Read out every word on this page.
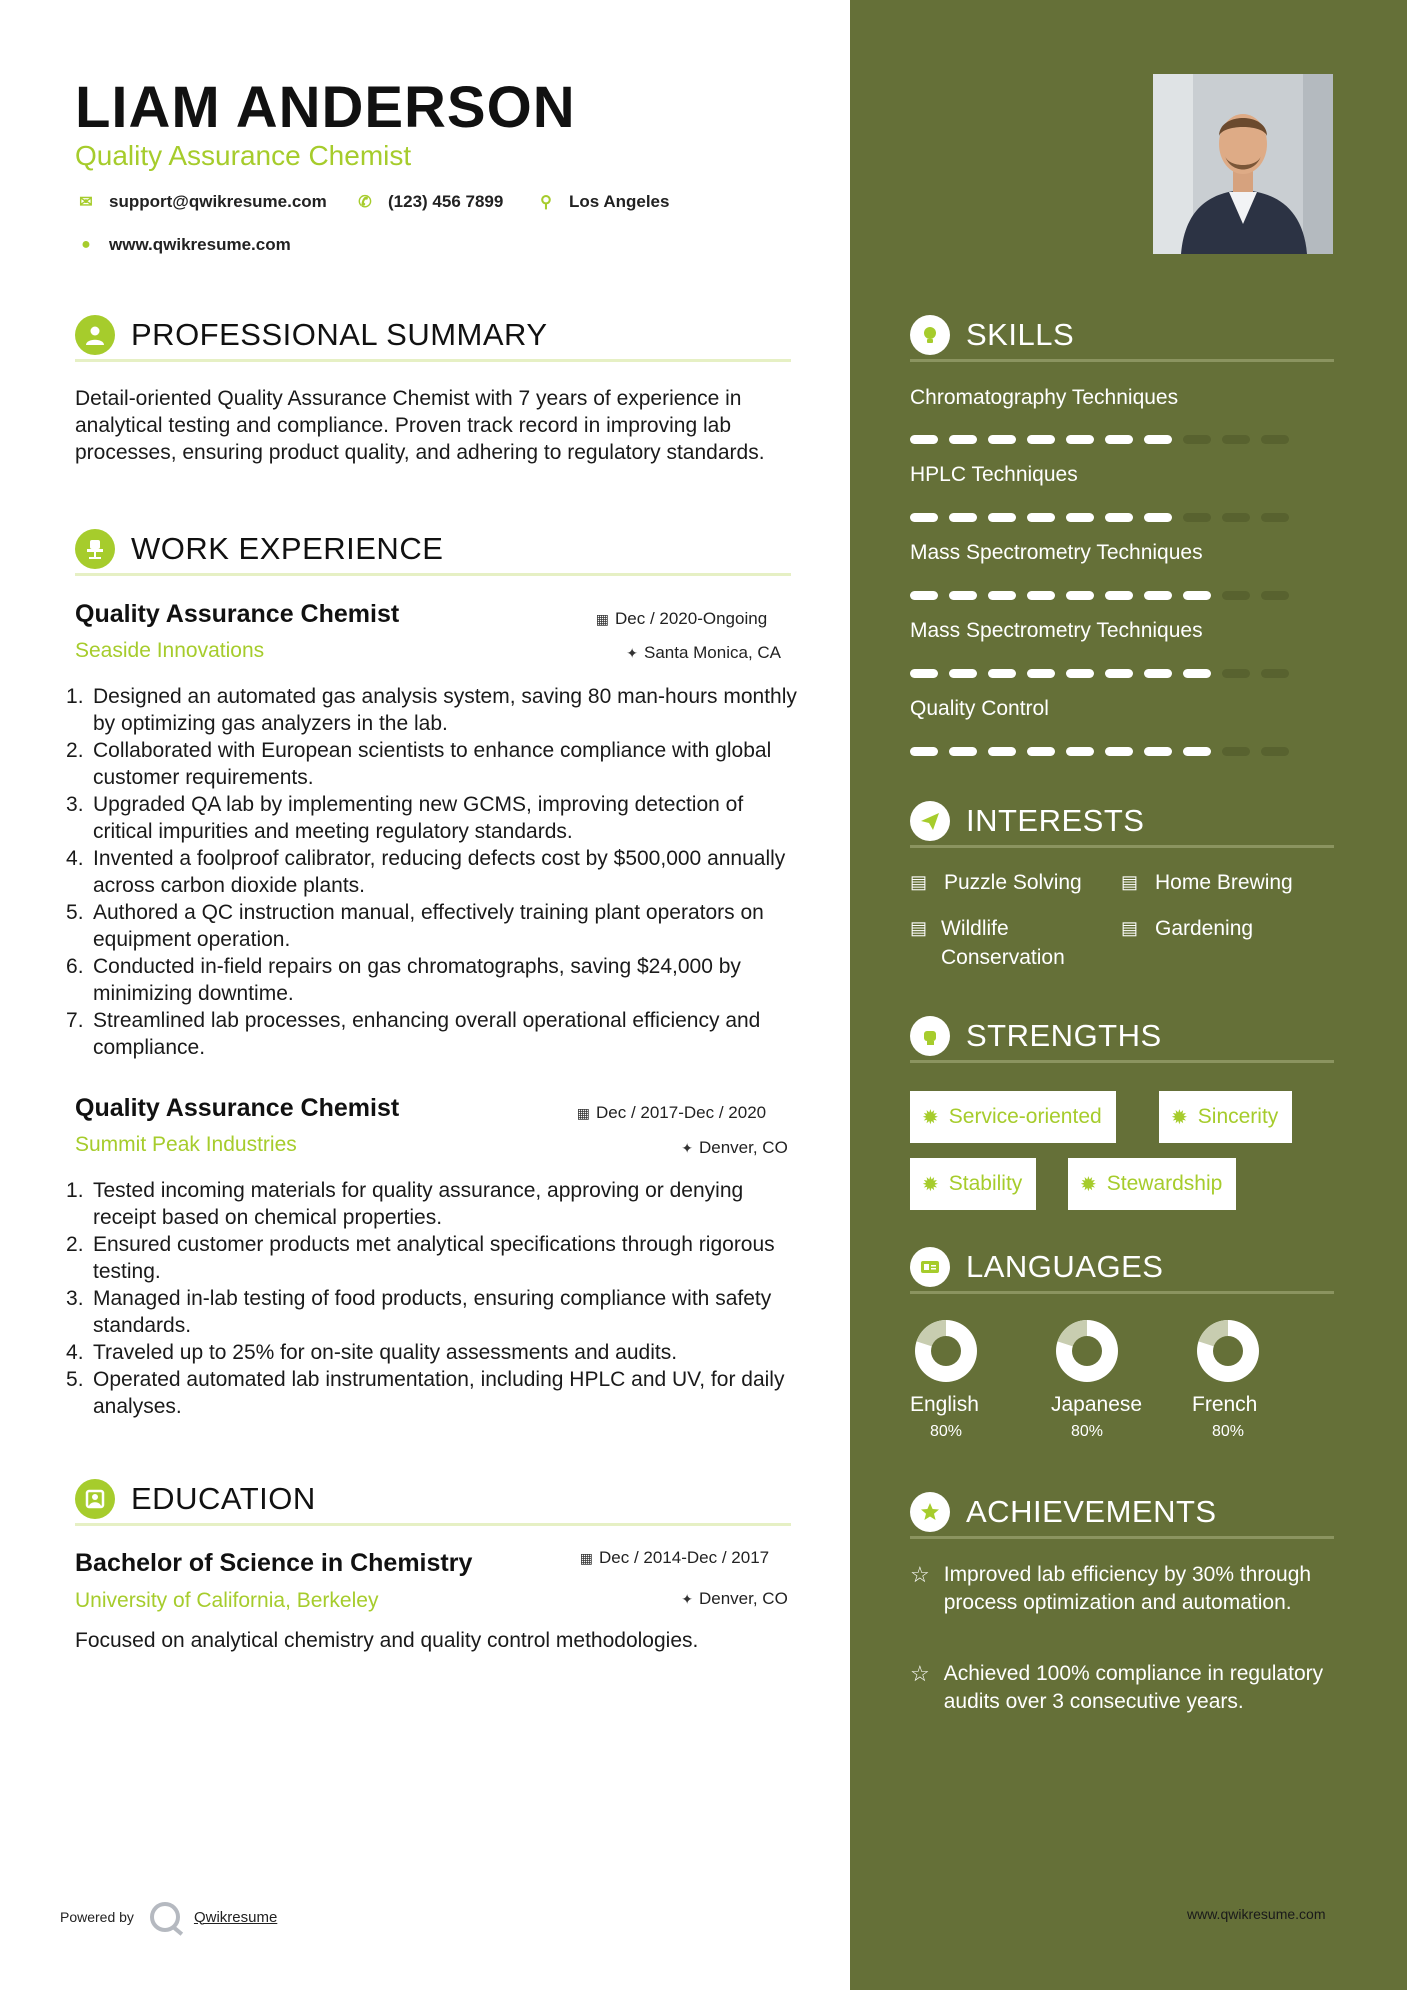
LIAM ANDERSON
Quality Assurance Chemist
✉ support@qwikresume.com ✆ (123) 456 7899	⚲	Los Angeles
●	www.qwikresume.com
PROFESSIONAL SUMMARY
Detail-oriented Quality Assurance Chemist with 7 years of experience in analytical testing and compliance. Proven track record in improving lab processes, ensuring product quality, and adhering to regulatory standards.
WORK EXPERIENCE
Quality Assurance Chemist	▦ Dec / 2020-Ongoing
Seaside Innovations	✦ Santa Monica, CA
Designed an automated gas analysis system, saving 80 man-hours monthly by optimizing gas analyzers in the lab.
Collaborated with European scientists to enhance compliance with global customer requirements.
Upgraded QA lab by implementing new GCMS, improving detection of critical impurities and meeting regulatory standards.
Invented a foolproof calibrator, reducing defects cost by $500,000 annually across carbon dioxide plants.
Authored a QC instruction manual, effectively training plant operators on equipment operation.
Conducted in-field repairs on gas chromatographs, saving $24,000 by minimizing downtime.
Streamlined lab processes, enhancing overall operational efficiency and compliance.
Quality Assurance Chemist	▦ Dec / 2017-Dec / 2020
Summit Peak Industries	✦ Denver, CO
Tested incoming materials for quality assurance, approving or denying receipt based on chemical properties.
Ensured customer products met analytical specifications through rigorous testing.
Managed in-lab testing of food products, ensuring compliance with safety standards.
Traveled up to 25% for on-site quality assessments and audits.
Operated automated lab instrumentation, including HPLC and UV, for daily analyses.
EDUCATION
Bachelor of Science in Chemistry	▦ Dec / 2014-Dec / 2017
University of California, Berkeley	✦ Denver, CO
Focused on analytical chemistry and quality control methodologies.
Powered by	Qwikresume
SKILLS
Chromatography Techniques
HPLC Techniques
Mass Spectrometry Techniques
Mass Spectrometry Techniques
Quality Control
INTERESTS
▤ Puzzle Solving ▤ Home Brewing
▤ Wildlife Conservation
▤ Gardening
STRENGTHS
✹ Service-oriented	✹ Sincerity
✹ Stability	✹ Stewardship
LANGUAGES
English
80%
Japanese
80%
French
80%
ACHIEVEMENTS
☆ Improved lab efficiency by 30% through process optimization and automation.
☆ Achieved 100% compliance in regulatory audits over 3 consecutive years.
www.qwikresume.com
